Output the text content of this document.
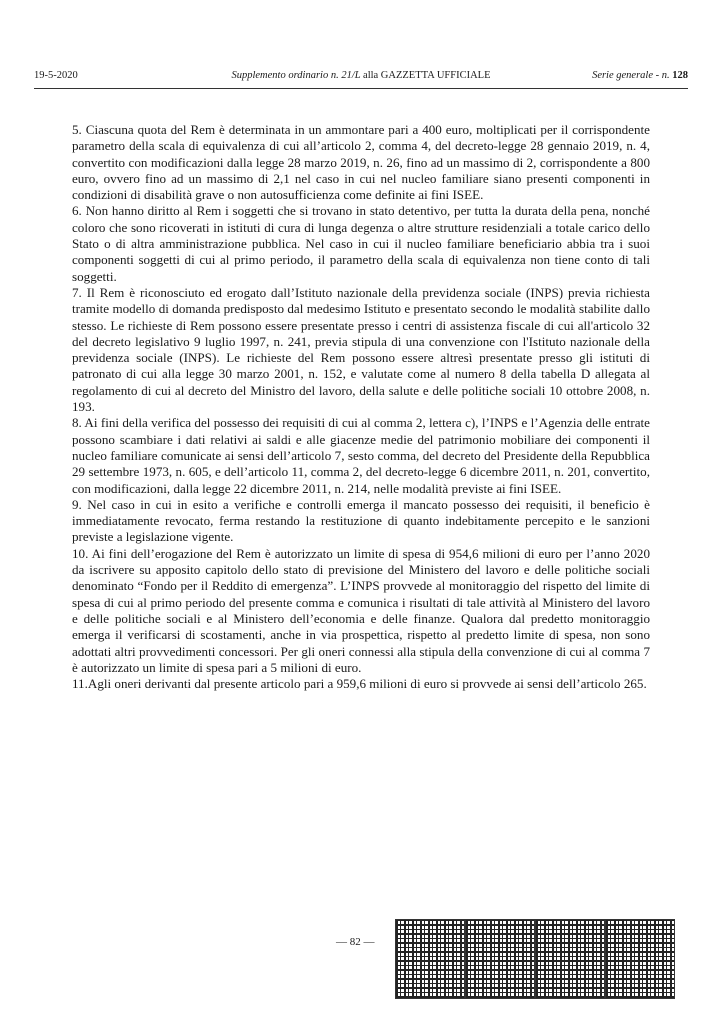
19-5-2020	Supplemento ordinario n. 21/L alla GAZZETTA UFFICIALE	Serie generale - n. 128

5. Ciascuna quota del Rem è determinata in un ammontare pari a 400 euro, moltiplicati per il corrispondente parametro della scala di equivalenza di cui all’articolo 2, comma 4, del decreto-legge 28 gennaio 2019, n. 4, convertito con modificazioni dalla legge 28 marzo 2019, n. 26, fino ad un massimo di 2, corrispondente a 800 euro, ovvero fino ad un massimo di 2,1 nel caso in cui nel nucleo familiare siano presenti componenti in condizioni di disabilità grave o non autosufficienza come definite ai fini ISEE.

6. Non hanno diritto al Rem i soggetti che si trovano in stato detentivo, per tutta la durata della pena, nonché coloro che sono ricoverati in istituti di cura di lunga degenza o altre strutture residenziali a totale carico dello Stato o di altra amministrazione pubblica. Nel caso in cui il nucleo familiare beneficiario abbia tra i suoi componenti soggetti di cui al primo periodo, il parametro della scala di equivalenza non tiene conto di tali soggetti.

7. Il Rem è riconosciuto ed erogato dall’Istituto nazionale della previdenza sociale (INPS) previa richiesta tramite modello di domanda predisposto dal medesimo Istituto e presentato secondo le modalità stabilite dallo stesso. Le richieste di Rem possono essere presentate presso i centri di assistenza fiscale di cui all'articolo 32 del decreto legislativo 9 luglio 1997, n. 241, previa stipula di una convenzione con l'Istituto nazionale della previdenza sociale (INPS). Le richieste del Rem possono essere altresì presentate presso gli istituti di patronato di cui alla legge 30 marzo 2001, n. 152, e valutate come al numero 8 della tabella D allegata al regolamento di cui al decreto del Ministro del lavoro, della salute e delle politiche sociali 10 ottobre 2008, n. 193.

8. Ai fini della verifica del possesso dei requisiti di cui al comma 2, lettera c), l’INPS e l’Agenzia delle entrate possono scambiare i dati relativi ai saldi e alle giacenze medie del patrimonio mobiliare dei componenti il nucleo familiare comunicate ai sensi dell’articolo 7, sesto comma, del decreto del Presidente della Repubblica 29 settembre 1973, n. 605, e dell’articolo 11, comma 2, del decreto-legge 6 dicembre 2011, n. 201, convertito, con modificazioni, dalla legge 22 dicembre 2011, n. 214, nelle modalità previste ai fini ISEE.

9. Nel caso in cui in esito a verifiche e controlli emerga il mancato possesso dei requisiti, il beneficio è immediatamente revocato, ferma restando la restituzione di quanto indebitamente percepito e le sanzioni previste a legislazione vigente.

10. Ai fini dell’erogazione del Rem è autorizzato un limite di spesa di 954,6 milioni di euro per l’anno 2020 da iscrivere su apposito capitolo dello stato di previsione del Ministero del lavoro e delle politiche sociali denominato “Fondo per il Reddito di emergenza”. L’INPS provvede al monitoraggio del rispetto del limite di spesa di cui al primo periodo del presente comma e comunica i risultati di tale attività al Ministero del lavoro e delle politiche sociali e al Ministero dell’economia e delle finanze. Qualora dal predetto monitoraggio emerga il verificarsi di scostamenti, anche in via prospettica, rispetto al predetto limite di spesa, non sono adottati altri provvedimenti concessori. Per gli oneri connessi alla stipula della convenzione di cui al comma 7 è autorizzato un limite di spesa pari a 5 milioni di euro.

11.Agli oneri derivanti dal presente articolo pari a 959,6 milioni di euro si provvede ai sensi dell’articolo 265.

— 82 —
